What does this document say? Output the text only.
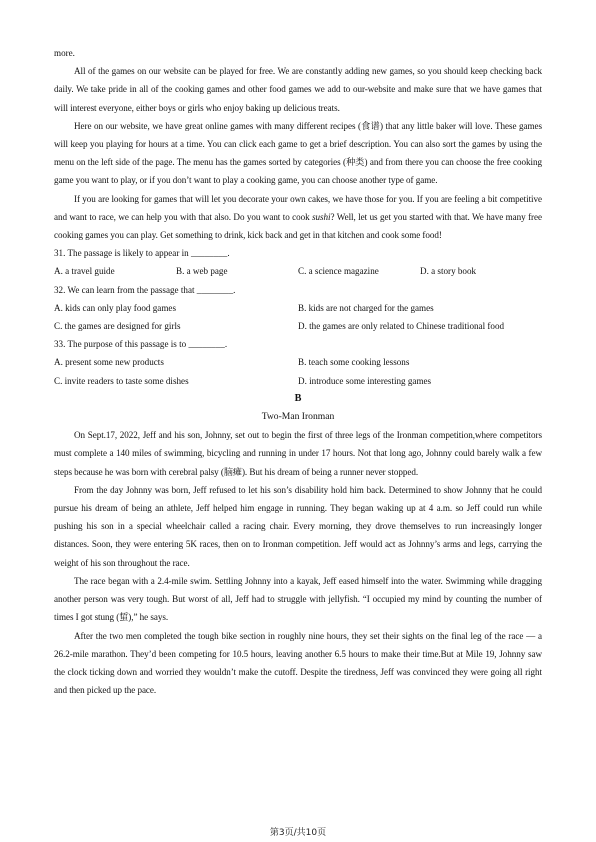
more.

All of the games on our website can be played for free. We are constantly adding new games, so you should keep checking back daily. We take pride in all of the cooking games and other food games we add to our-website and make sure that we have games that will interest everyone, either boys or girls who enjoy baking up delicious treats.

Here on our website, we have great online games with many different recipes (食谱) that any little baker will love. These games will keep you playing for hours at a time. You can click each game to get a brief description. You can also sort the games by using the menu on the left side of the page. The menu has the games sorted by categories (种类) and from there you can choose the free cooking game you want to play, or if you don’t want to play a cooking game, you can choose another type of game.

If you are looking for games that will let you decorate your own cakes, we have those for you. If you are feeling a bit competitive and want to race, we can help you with that also. Do you want to cook sushi? Well, let us get you started with that. We have many free cooking games you can play. Get something to drink, kick back and get in that kitchen and cook some food!

31. The passage is likely to appear in ________.
A. a travel guide	B. a web page	C. a science magazine	D. a story book
32. We can learn from the passage that ________.
A. kids can only play food games	B. kids are not charged for the games
C. the games are designed for girls	D. the games are only related to Chinese traditional food
33. The purpose of this passage is to ________.
A. present some new products	B. teach some cooking lessons
C. invite readers to taste some dishes	D. introduce some interesting games
B
Two-Man Ironman

On Sept.17, 2022, Jeff and his son, Johnny, set out to begin the first of three legs of the Ironman competition,where competitors must complete a 140 miles of swimming, bicycling and running in under 17 hours. Not that long ago, Johnny could barely walk a few steps because he was born with cerebral palsy (脑瘫). But his dream of being a runner never stopped.

From the day Johnny was born, Jeff refused to let his son’s disability hold him back. Determined to show Johnny that he could pursue his dream of being an athlete, Jeff helped him engage in running. They began waking up at 4 a.m. so Jeff could run while pushing his son in a special wheelchair called a racing chair. Every morning, they drove themselves to run increasingly longer distances. Soon, they were entering 5K races, then on to Ironman competition. Jeff would act as Johnny’s arms and legs, carrying the weight of his son throughout the race.

The race began with a 2.4-mile swim. Settling Johnny into a kayak, Jeff eased himself into the water. Swimming while dragging another person was very tough. But worst of all, Jeff had to struggle with jellyfish. “I occupied my mind by counting the number of times I got stung (蜇),” he says.

After the two men completed the tough bike section in roughly nine hours, they set their sights on the final leg of the race — a 26.2-mile marathon. They’d been competing for 10.5 hours, leaving another 6.5 hours to make their time.But at Mile 19, Johnny saw the clock ticking down and worried they wouldn’t make the cutoff. Despite the tiredness, Jeff was convinced they were going all right and then picked up the pace.

第3页/共10页
